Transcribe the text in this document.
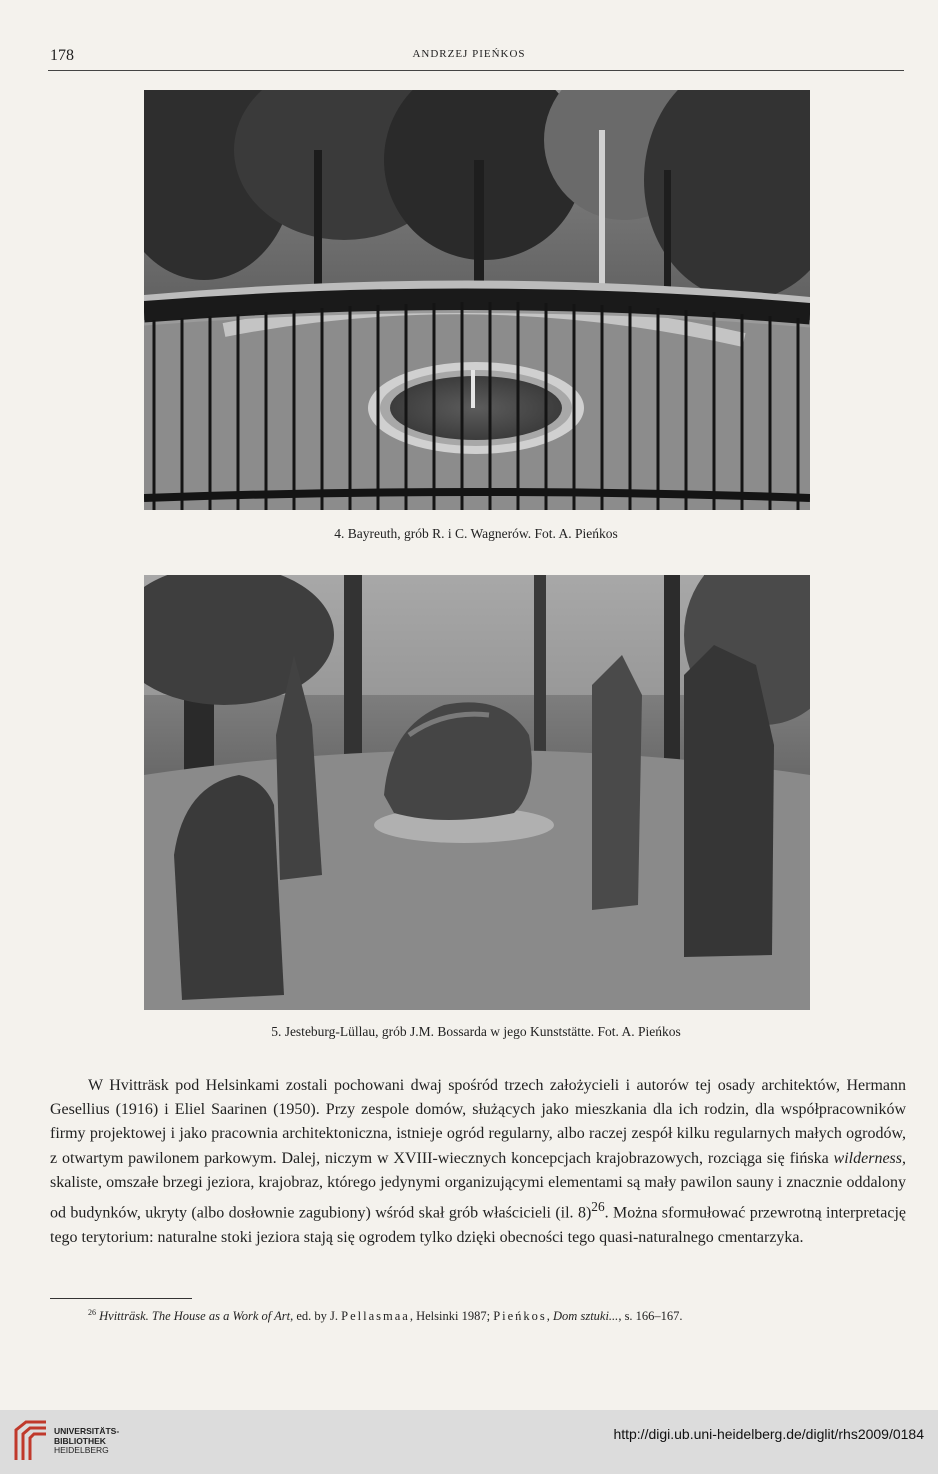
178	ANDRZEJ PIEŃKOS
4. Bayreuth, grób R. i C. Wagnerów. Fot. A. Pieńkos
5. Jesteburg-Lüllau, grób J.M. Bossarda w jego Kunststätte. Fot. A. Pieńkos
W Hvitträsk pod Helsinkami zostali pochowani dwaj spośród trzech założycieli i autorów tej osady architektów, Hermann Gesellius (1916) i Eliel Saarinen (1950). Przy zespole domów, służących jako mieszkania dla ich rodzin, dla współpracowników firmy projektowej i jako pracownia architektoniczna, istnieje ogród regularny, albo raczej zespół kilku regularnych małych ogrodów, z otwartym pawilonem parkowym. Dalej, niczym w XVIII-wiecznych koncepcjach krajobrazowych, rozciąga się fińska wilderness, skaliste, omszałe brzegi jeziora, krajobraz, którego jedynymi organizującymi elementami są mały pawilon sauny i znacznie oddalony od budynków, ukryty (albo dosłownie zagubiony) wśród skał grób właścicieli (il. 8)$^{26}$. Można sformułować przewrotną interpretację tego terytorium: naturalne stoki jeziora stają się ogrodem tylko dzięki obecności tego quasi-naturalnego cmentarzyka.
$^{26}$ Hvitträsk. The House as a Work of Art, ed. by J. Pellasmaa, Helsinki 1987; Pieńkos, Dom sztuki..., s. 166–167.
UNIVERSITÄTS-
BIBLIOTHEK
HEIDELBERG
http://digi.ub.uni-heidelberg.de/diglit/rhs2009/0184
